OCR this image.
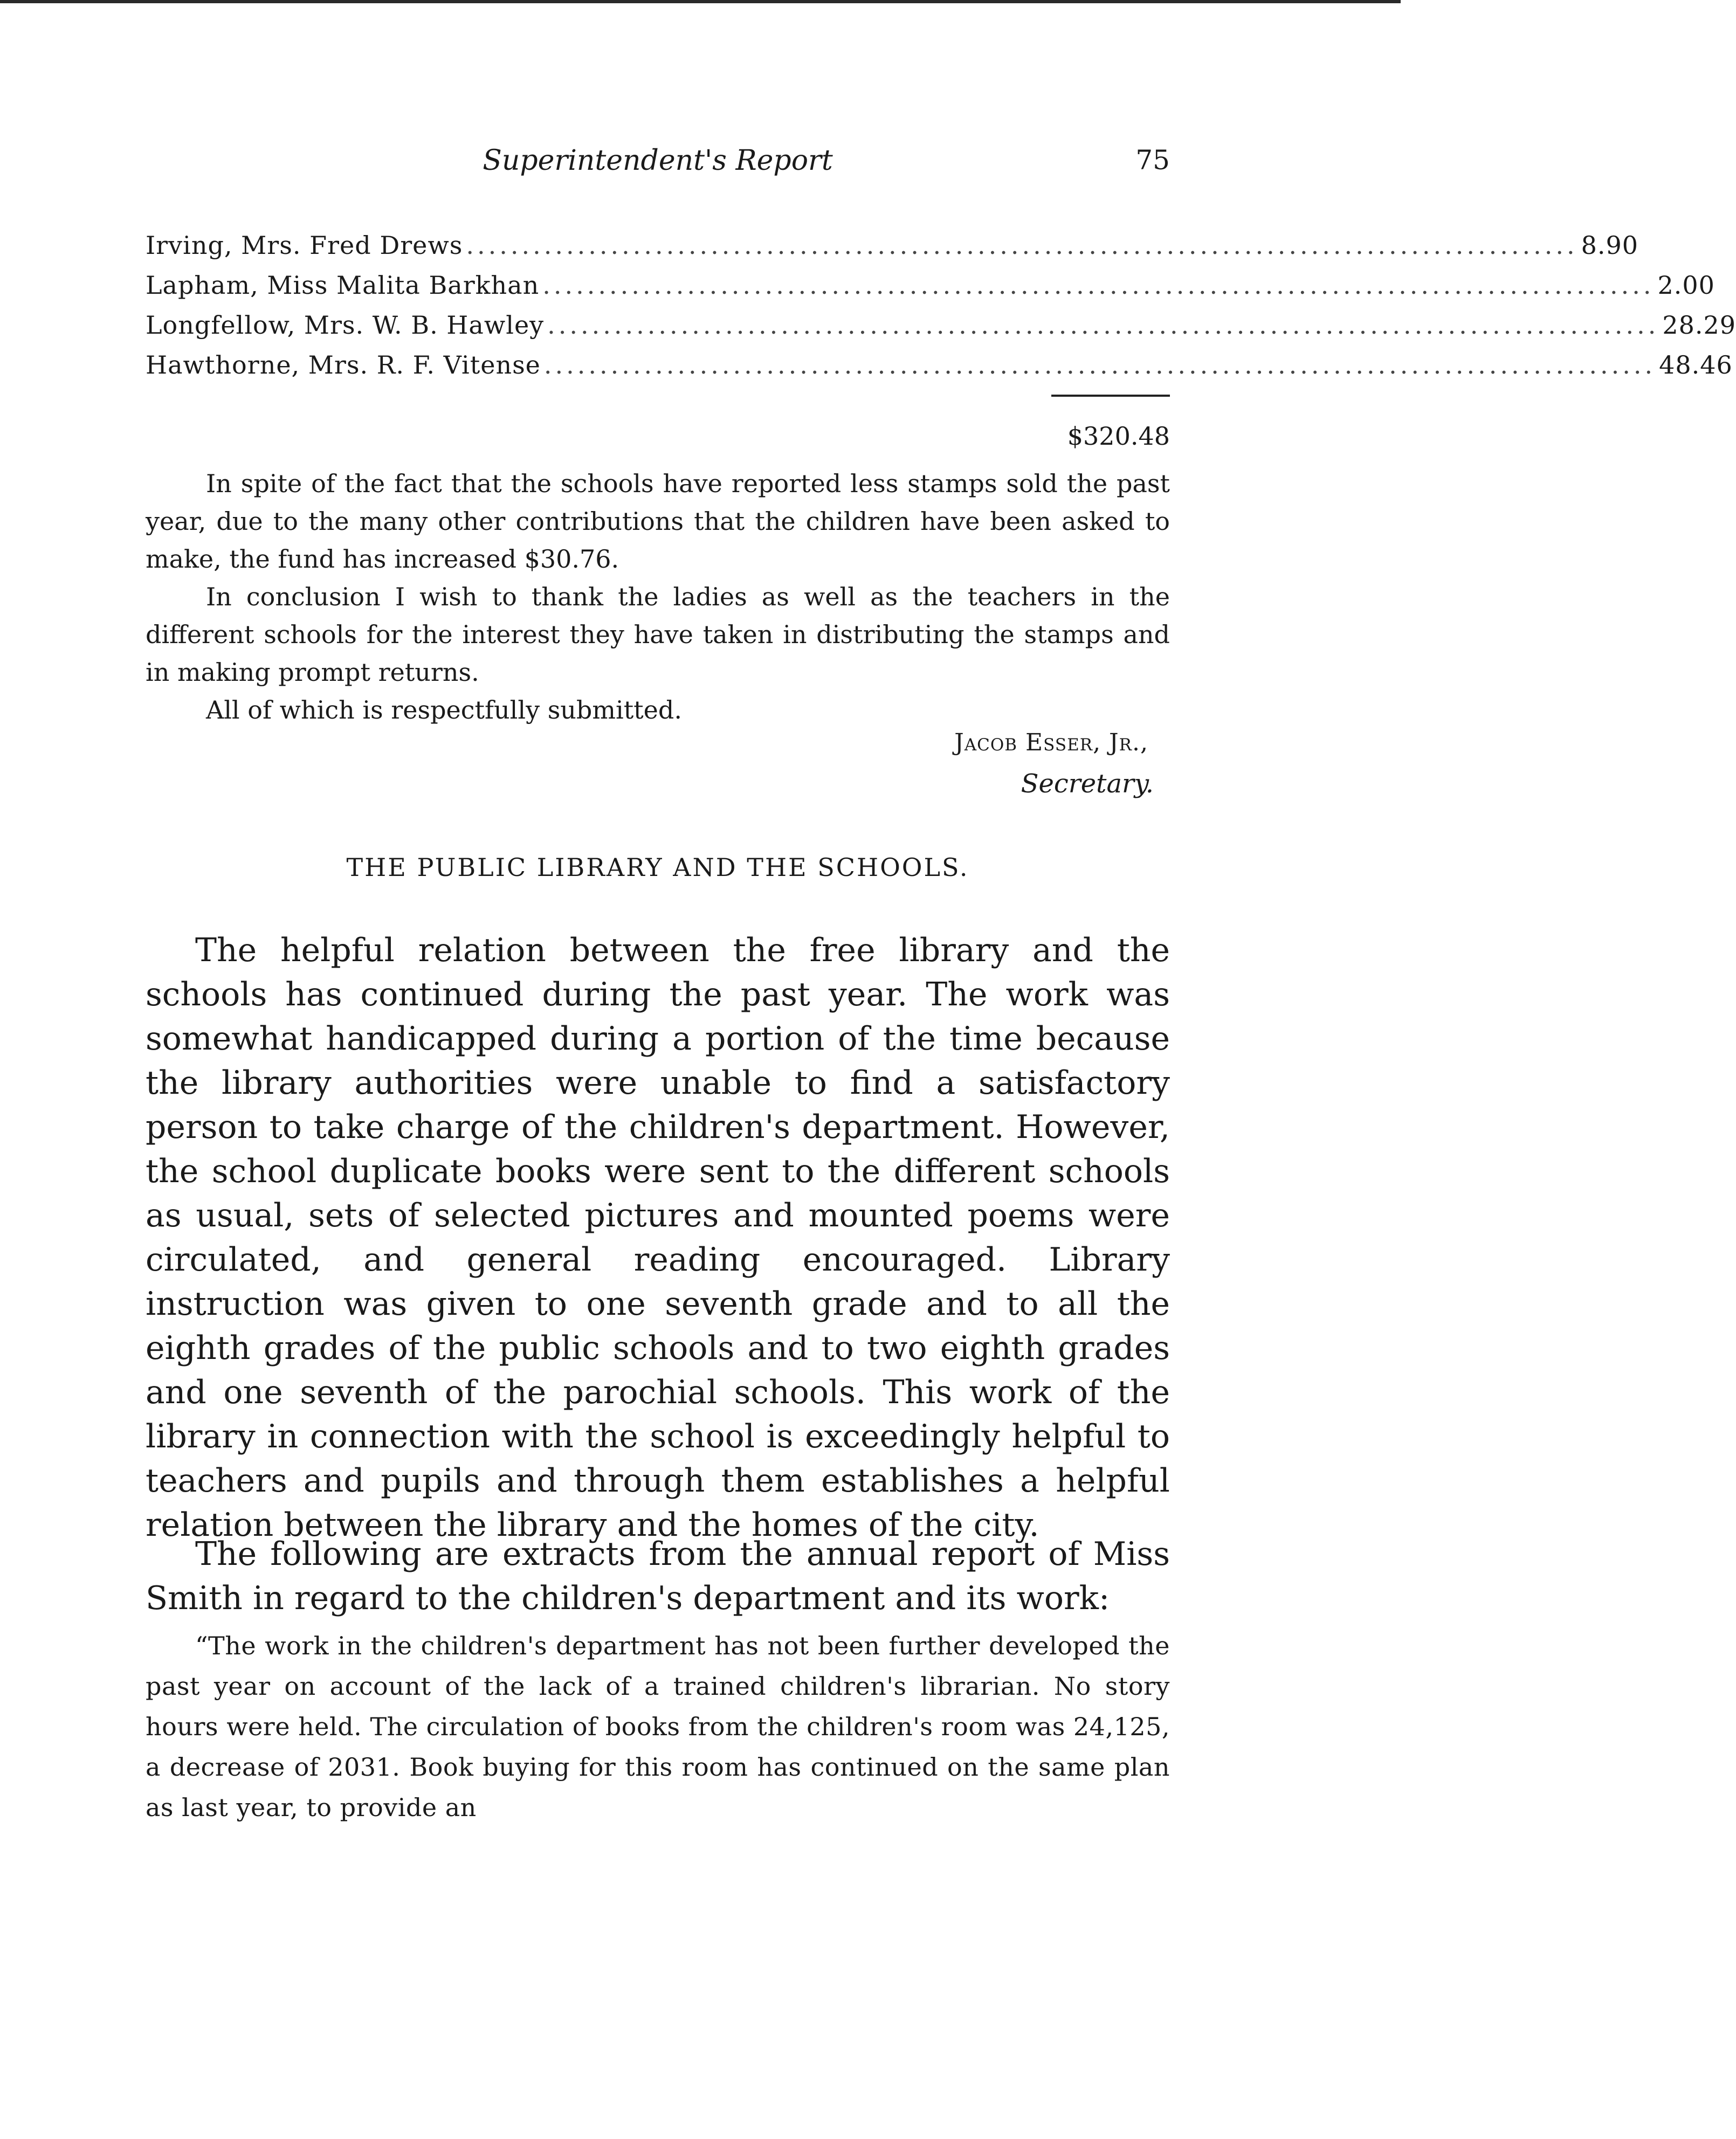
Superintendent's Report	75
Irving, Mrs. Fred Drews .................................................................................................... 8.90
Lapham, Miss Malita Barkhan .................................................................................................... 2.00
Longfellow, Mrs. W. B. Hawley .................................................................................................... 28.29
Hawthorne, Mrs. R. F. Vitense .................................................................................................... 48.46
$320.48

In spite of the fact that the schools have reported less stamps sold the past year, due to the many other contributions that the children have been asked to make, the fund has increased $30.76.

In conclusion I wish to thank the ladies as well as the teachers in the different schools for the interest they have taken in distributing the stamps and in making prompt returns.

All of which is respectfully submitted.

Jacob Esser, Jr.,
Secretary.
THE PUBLIC LIBRARY AND THE SCHOOLS.

The helpful relation between the free library and the schools has continued during the past year. The work was somewhat handicapped during a portion of the time because the library authorities were unable to find a satisfactory person to take charge of the children's department. However, the school duplicate books were sent to the different schools as usual, sets of selected pictures and mounted poems were circulated, and general reading encouraged. Library instruction was given to one seventh grade and to all the eighth grades of the public schools and to two eighth grades and one seventh of the parochial schools. This work of the library in connection with the school is exceedingly helpful to teachers and pupils and through them establishes a helpful relation between the library and the homes of the city.

The following are extracts from the annual report of Miss Smith in regard to the children's department and its work:

“The work in the children's department has not been further developed the past year on account of the lack of a trained children's librarian. No story hours were held. The circulation of books from the children's room was 24,125, a decrease of 2031. Book buying for this room has continued on the same plan as last year, to provide an
